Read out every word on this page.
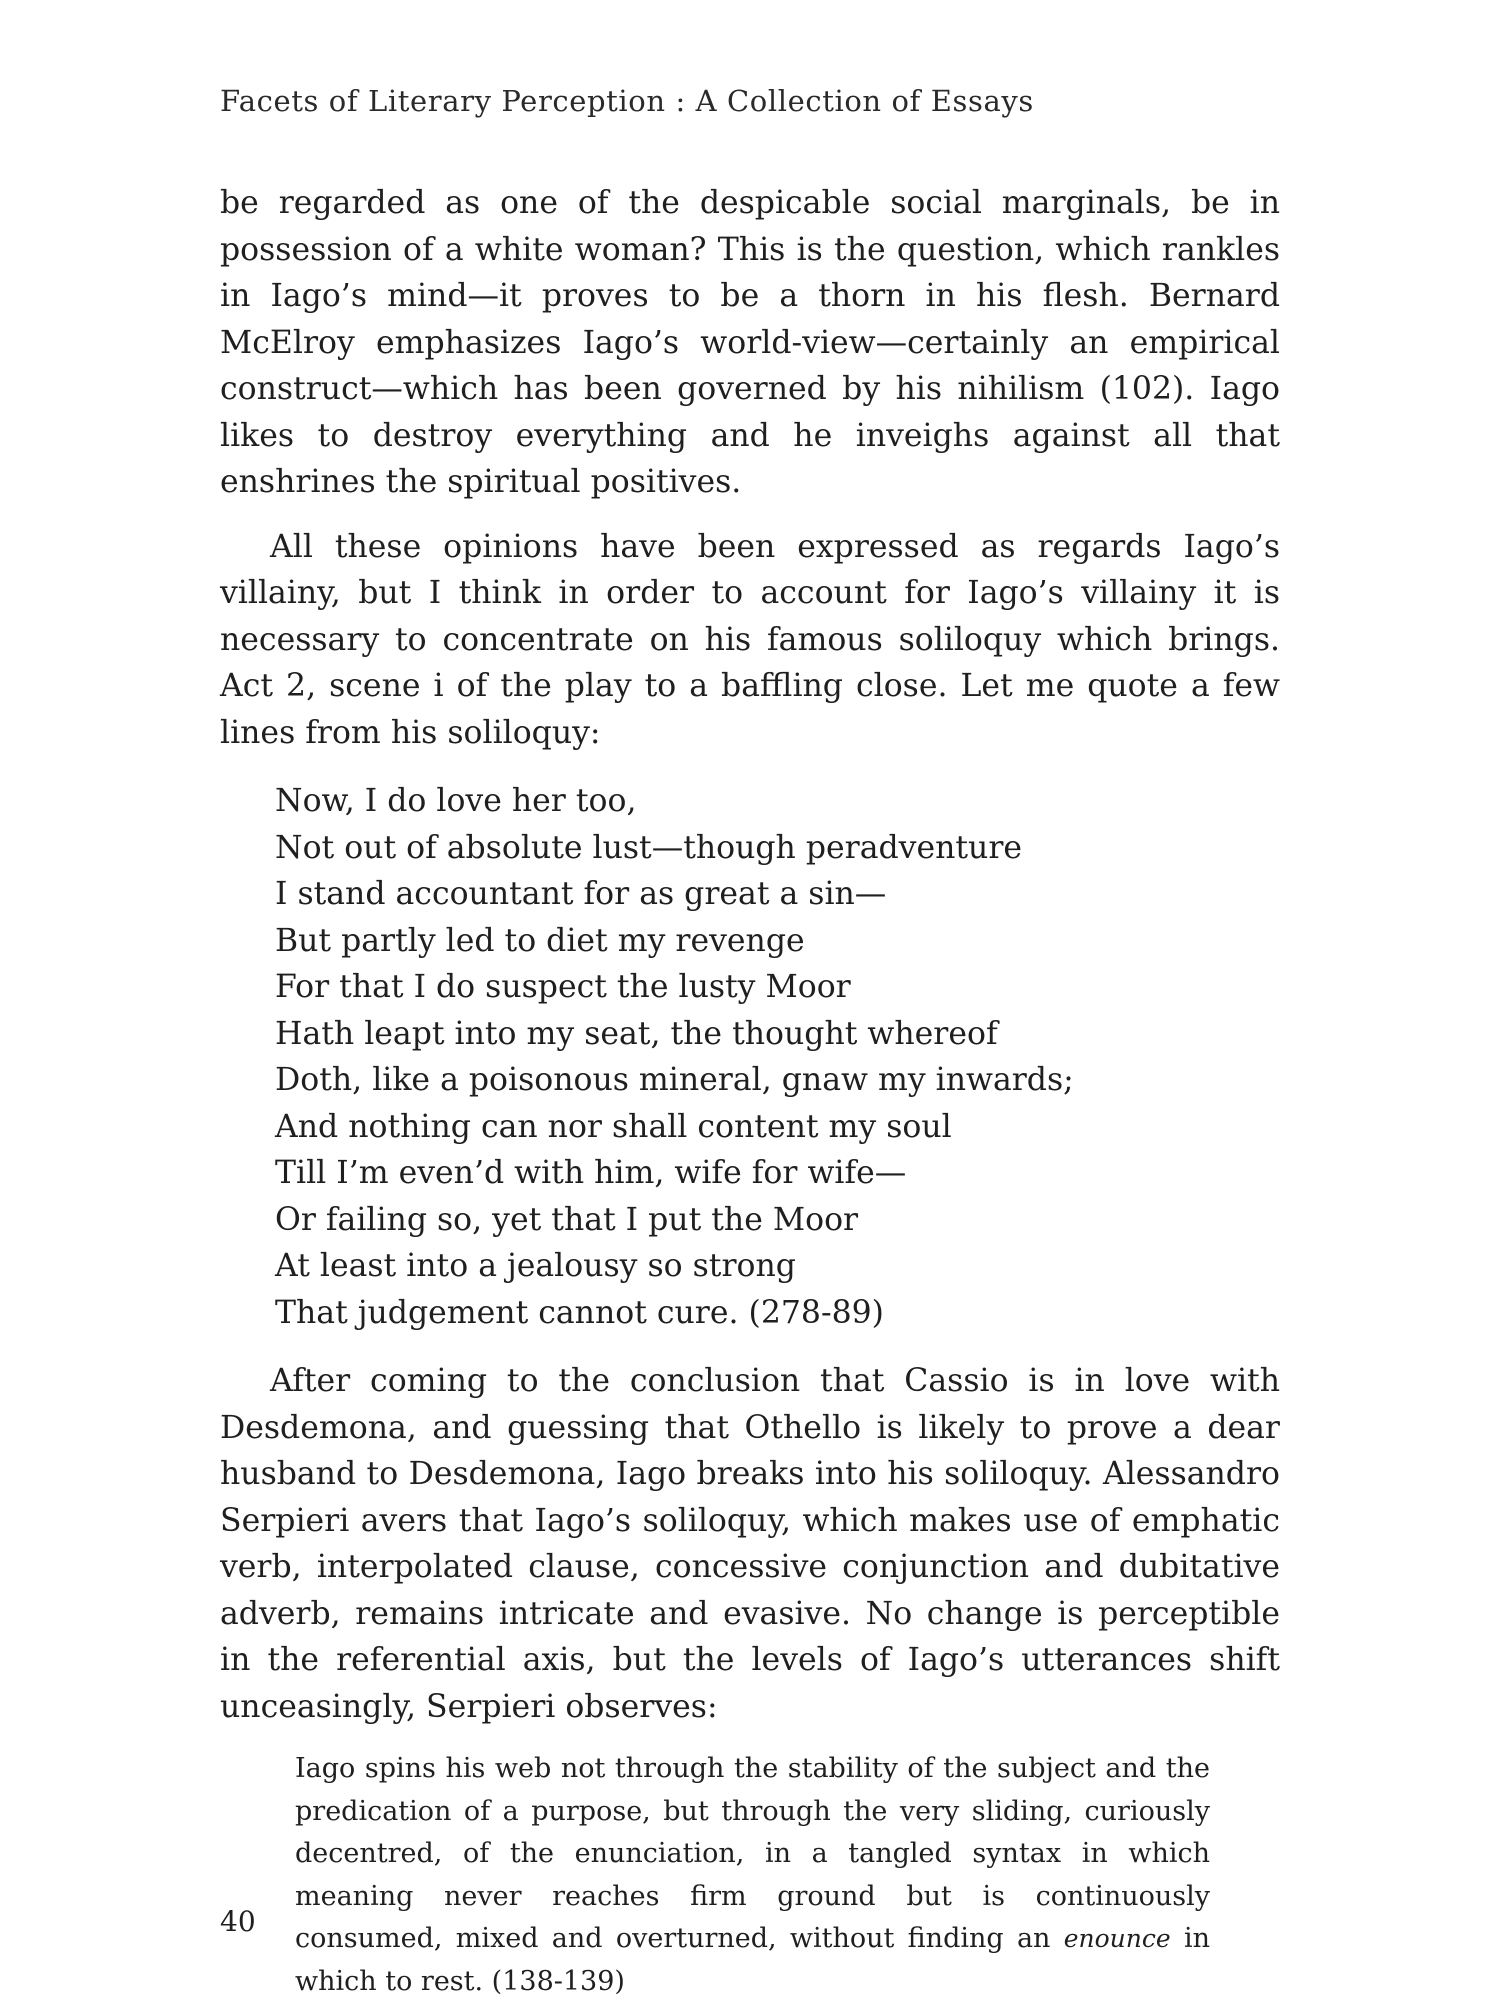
Facets of Literary Perception : A Collection of Essays

be regarded as one of the despicable social marginals, be in possession of a white woman? This is the question, which rankles in Iago’s mind—it proves to be a thorn in his flesh. Bernard McElroy emphasizes Iago’s world-view—certainly an empirical construct—which has been governed by his nihilism (102). Iago likes to destroy everything and he inveighs against all that enshrines the spiritual positives.

All these opinions have been expressed as regards Iago’s villainy, but I think in order to account for Iago’s villainy it is necessary to concentrate on his famous soliloquy which brings. Act 2, scene i of the play to a baffling close. Let me quote a few lines from his soliloquy:

Now, I do love her too,
Not out of absolute lust—though peradventure
I stand accountant for as great a sin—
But partly led to diet my revenge
For that I do suspect the lusty Moor
Hath leapt into my seat, the thought whereof
Doth, like a poisonous mineral, gnaw my inwards;
And nothing can nor shall content my soul
Till I’m even’d with him, wife for wife—
Or failing so, yet that I put the Moor
At least into a jealousy so strong
That judgement cannot cure. (278-89)

After coming to the conclusion that Cassio is in love with Desdemona, and guessing that Othello is likely to prove a dear husband to Desdemona, Iago breaks into his soliloquy. Alessandro Serpieri avers that Iago’s soliloquy, which makes use of emphatic verb, interpolated clause, concessive conjunction and dubitative adverb, remains intricate and evasive. No change is perceptible in the referential axis, but the levels of Iago’s utterances shift unceasingly, Serpieri observes:

Iago spins his web not through the stability of the subject and the predication of a purpose, but through the very sliding, curiously decentred, of the enunciation, in a tangled syntax in which meaning never reaches firm ground but is continuously consumed, mixed and overturned, without finding an enounce in which to rest. (138-139)
40
